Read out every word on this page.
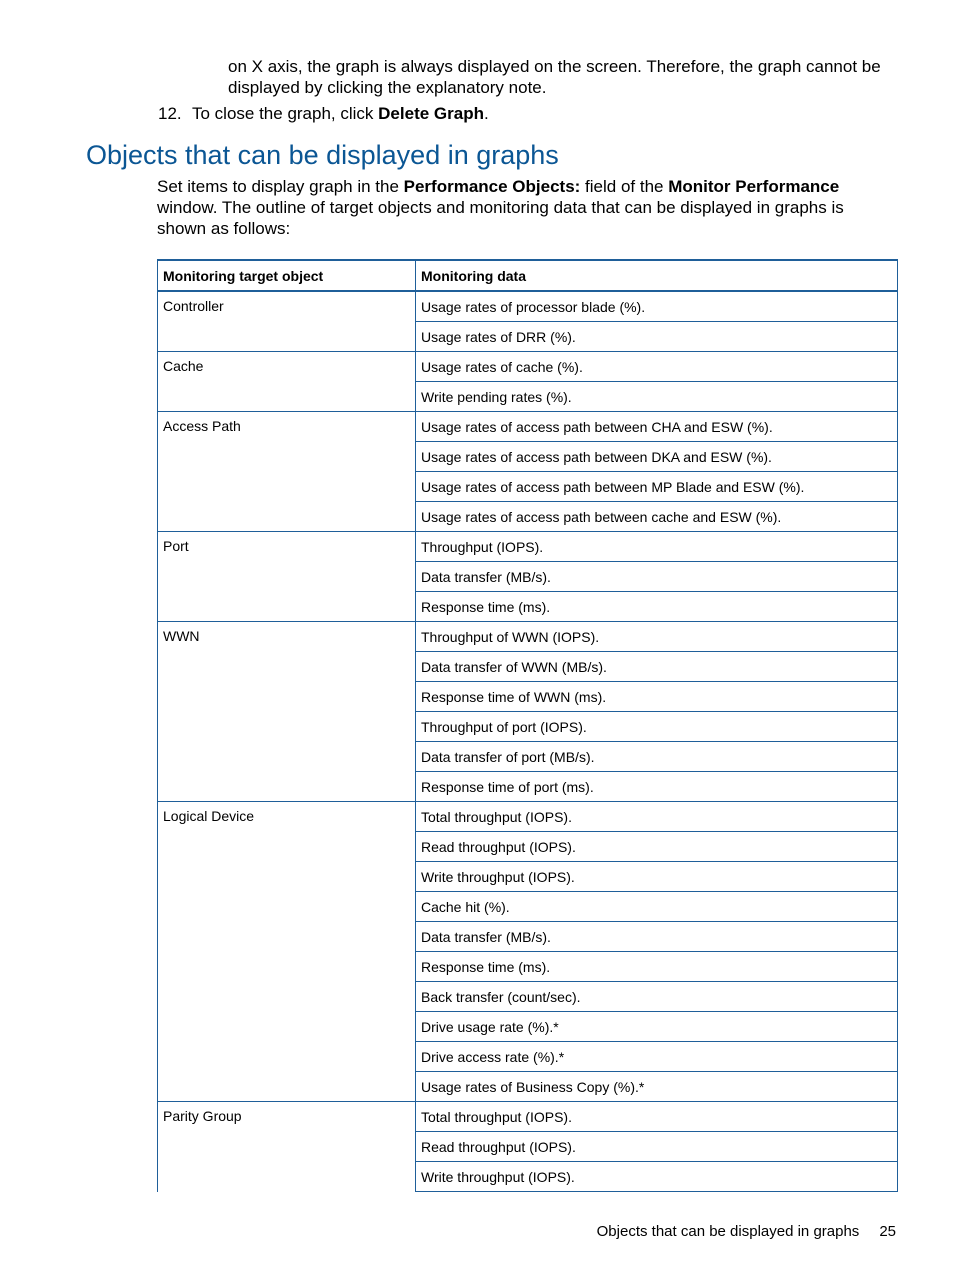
on X axis, the graph is always displayed on the screen. Therefore, the graph cannot be displayed by clicking the explanatory note.
12. To close the graph, click Delete Graph.
Objects that can be displayed in graphs
Set items to display graph in the Performance Objects: field of the Monitor Performance window. The outline of target objects and monitoring data that can be displayed in graphs is shown as follows:
Monitoring target object	Monitoring data
Controller	Usage rates of processor blade (%).
	Usage rates of DRR (%).
Cache	Usage rates of cache (%).
	Write pending rates (%).
Access Path	Usage rates of access path between CHA and ESW (%).
	Usage rates of access path between DKA and ESW (%).
	Usage rates of access path between MP Blade and ESW (%).
	Usage rates of access path between cache and ESW (%).
Port	Throughput (IOPS).
	Data transfer (MB/s).
	Response time (ms).
WWN	Throughput of WWN (IOPS).
	Data transfer of WWN (MB/s).
	Response time of WWN (ms).
	Throughput of port (IOPS).
	Data transfer of port (MB/s).
	Response time of port (ms).
Logical Device	Total throughput (IOPS).
	Read throughput (IOPS).
	Write throughput (IOPS).
	Cache hit (%).
	Data transfer (MB/s).
	Response time (ms).
	Back transfer (count/sec).
	Drive usage rate (%).*
	Drive access rate (%).*
	Usage rates of Business Copy (%).*
Parity Group	Total throughput (IOPS).
	Read throughput (IOPS).
	Write throughput (IOPS).
Objects that can be displayed in graphs 25
